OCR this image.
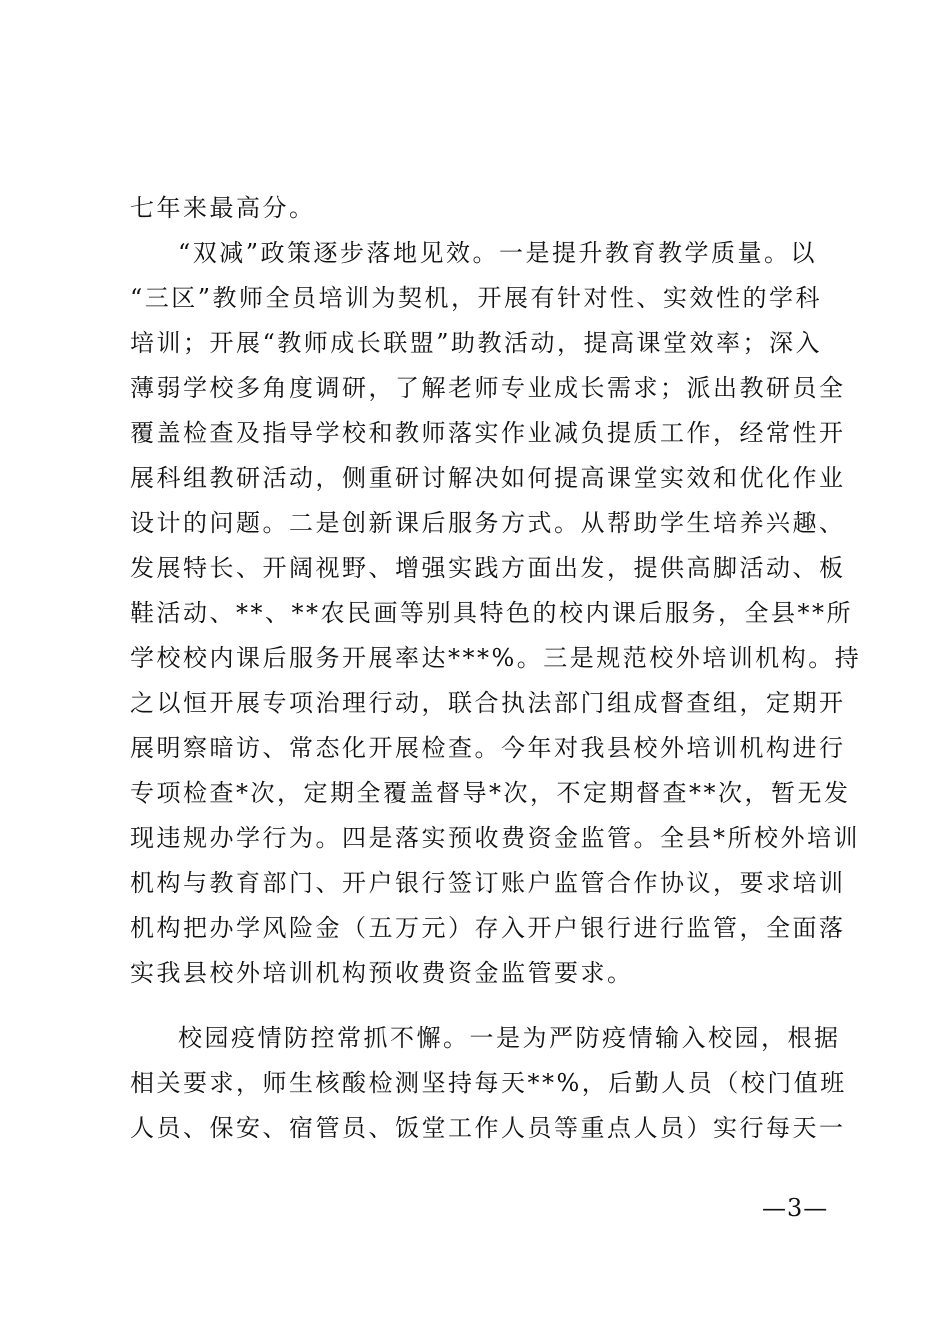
七年来最高分。
“双减”政策逐步落地见效。一是提升教育教学质量。以
“三区”教师全员培训为契机，开展有针对性、实效性的学科
培训；开展“教师成长联盟”助教活动，提高课堂效率；深入
薄弱学校多角度调研，了解老师专业成长需求；派出教研员全
覆盖检查及指导学校和教师落实作业减负提质工作，经常性开
展科组教研活动，侧重研讨解决如何提高课堂实效和优化作业
设计的问题。二是创新课后服务方式。从帮助学生培养兴趣、
发展特长、开阔视野、增强实践方面出发，提供高脚活动、板
鞋活动、**、**农民画等别具特色的校内课后服务，全县**所
学校校内课后服务开展率达***%。三是规范校外培训机构。持
之以恒开展专项治理行动，联合执法部门组成督查组，定期开
展明察暗访、常态化开展检查。今年对我县校外培训机构进行
专项检查*次，定期全覆盖督导*次，不定期督查**次，暂无发
现违规办学行为。四是落实预收费资金监管。全县*所校外培训
机构与教育部门、开户银行签订账户监管合作协议，要求培训
机构把办学风险金（五万元）存入开户银行进行监管，全面落
实我县校外培训机构预收费资金监管要求。
校园疫情防控常抓不懈。一是为严防疫情输入校园，根据
相关要求，师生核酸检测坚持每天**%，后勤人员（校门值班
人员、保安、宿管员、饭堂工作人员等重点人员）实行每天一
—3—
